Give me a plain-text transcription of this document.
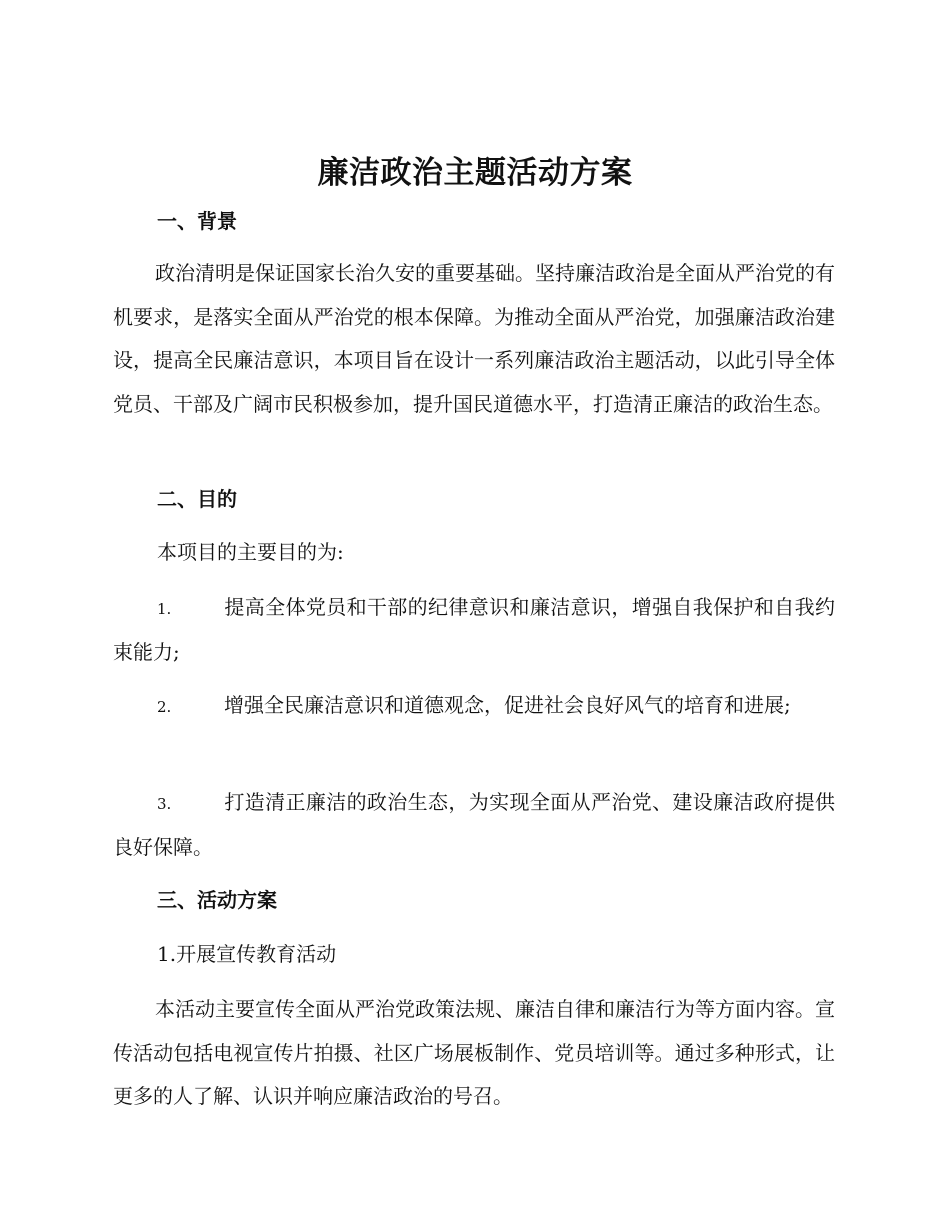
廉洁政治主题活动方案
一、背景

政治清明是保证国家长治久安的重要基础。坚持廉洁政治是全面从严治党的有机要求，是落实全面从严治党的根本保障。为推动全面从严治党，加强廉洁政治建设，提高全民廉洁意识，本项目旨在设计一系列廉洁政治主题活动，以此引导全体党员、干部及广阔市民积极参加，提升国民道德水平，打造清正廉洁的政治生态。

二、目的
本项目的主要目的为:

1.	提高全体党员和干部的纪律意识和廉洁意识，增强自我保护和自我约束能力;

2.	增强全民廉洁意识和道德观念，促进社会良好风气的培育和进展;

3.	打造清正廉洁的政治生态，为实现全面从严治党、建设廉洁政府提供良好保障。

三、活动方案
1.开展宣传教育活动

本活动主要宣传全面从严治党政策法规、廉洁自律和廉洁行为等方面内容。宣传活动包括电视宣传片拍摄、社区广场展板制作、党员培训等。通过多种形式，让更多的人了解、认识并响应廉洁政治的号召。
